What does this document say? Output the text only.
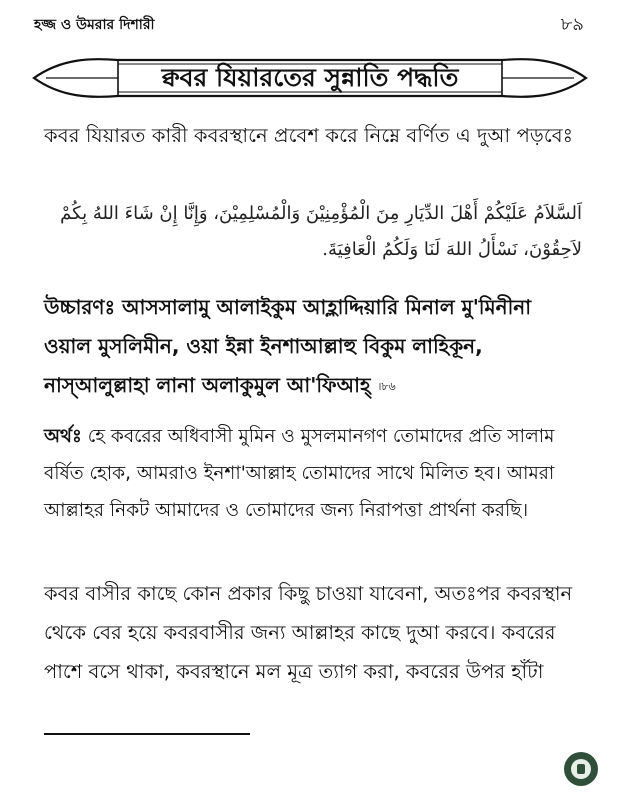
হজ্জ ও উমরার দিশারী	৮৯
ক্ববর যিয়ারতের সুন্নাতি পদ্ধতি
কবর যিয়ারত কারী কবরস্থানে প্রবেশ করে নিম্নে বর্ণিত এ দুআ পড়বেঃ
اَلسَّلاَمُ عَلَيْكُمْ أَهْلَ الدِّيَارِ مِنَ الْمُؤْمِنِيْنَ وَالْمُسْلِمِيْنَ، وَإِنَّا إِنْ شَاءَ اللهُ بِكُمْ لاَحِقُوْنَ، نَسْأَلُ اللهَ لَنَا وَلَكُمُ الْعَافِيَةَ.
উচ্চারণঃ আসসালামু আলাইকুম আহ্লাদ্দিয়ারি মিনাল মু'মিনীনা ওয়াল মুসলিমীন, ওয়া ইন্না ইনশাআল্লাহু বিকুম লাহিকূন, নাস্আলুল্লাহা লানা অলাকুমুল আ'ফিআহ্ ।৮৬
অর্থঃ হে কবরের অধিবাসী মুমিন ও মুসলমানগণ তোমাদের প্রতি সালাম বর্ষিত হোক, আমরাও ইনশা'আল্লাহ তোমাদের সাথে মিলিত হব। আমরা আল্লাহর নিকট আমাদের ও তোমাদের জন্য নিরাপত্তা প্রার্থনা করছি।
কবর বাসীর কাছে কোন প্রকার কিছু চাওয়া যাবেনা, অতঃপর কবরস্থান থেকে বের হয়ে কবরবাসীর জন্য আল্লাহর কাছে দুআ করবে। কবরের পাশে বসে থাকা, কবরস্থানে মল মূত্র ত্যাগ করা, কবরের উপর হাঁটা
